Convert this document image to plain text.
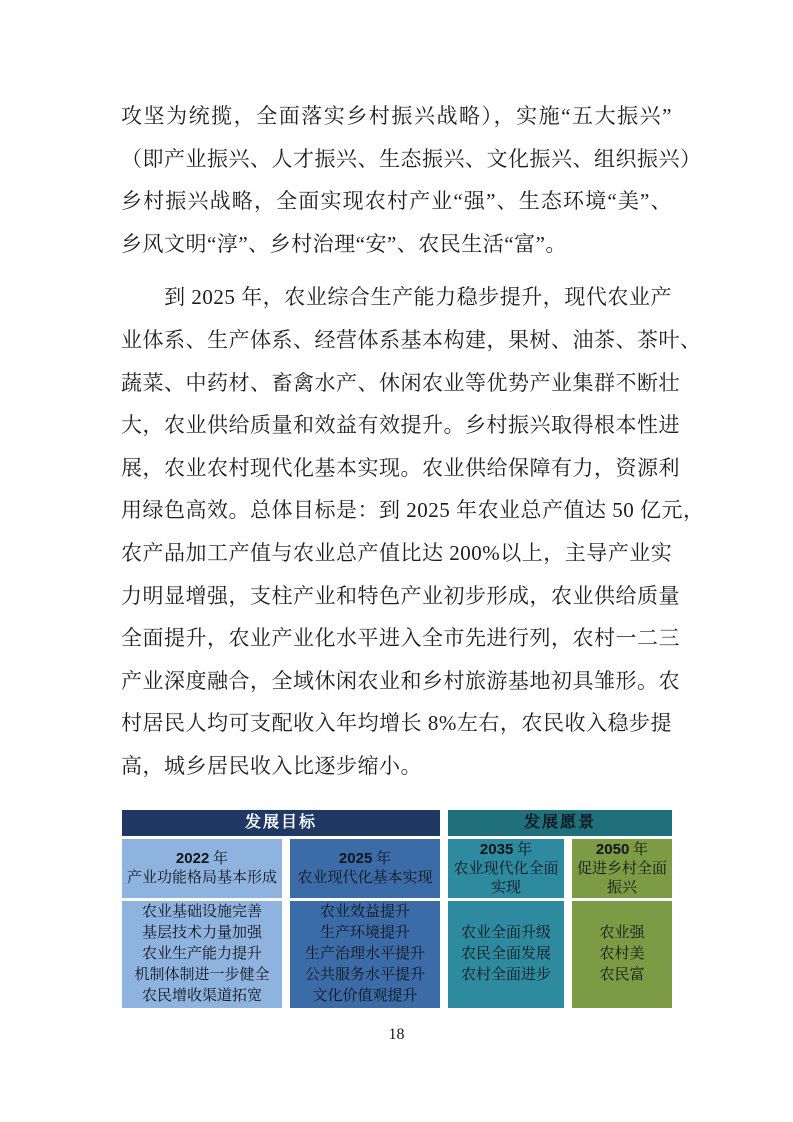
攻坚为统揽，全面落实乡村振兴战略），实施“五大振兴”
（即产业振兴、人才振兴、生态振兴、文化振兴、组织振兴）
乡村振兴战略，全面实现农村产业“强”、生态环境“美”、
乡风文明“淳”、乡村治理“安”、农民生活“富”。

　　到 2025 年，农业综合生产能力稳步提升，现代农业产
业体系、生产体系、经营体系基本构建，果树、油茶、茶叶、
蔬菜、中药材、畜禽水产、休闲农业等优势产业集群不断壮
大，农业供给质量和效益有效提升。乡村振兴取得根本性进
展，农业农村现代化基本实现。农业供给保障有力，资源利
用绿色高效。总体目标是：到 2025 年农业总产值达 50 亿元，
农产品加工产值与农业总产值比达 200%以上，主导产业实
力明显增强，支柱产业和特色产业初步形成，农业供给质量
全面提升，农业产业化水平进入全市先进行列，农村一二三
产业深度融合，全域休闲农业和乡村旅游基地初具雏形。农
村居民人均可支配收入年均增长 8%左右，农民收入稳步提
高，城乡居民收入比逐步缩小。

发展目标	发展愿景
2022 年
产业功能格局基本形成
2025 年
农业现代化基本实现
2035 年
农业现代化全面实现
2050 年
促进乡村全面振兴
农业基础设施完善
基层技术力量加强
农业生产能力提升
机制体制进一步健全
农民增收渠道拓宽
农业效益提升
生产环境提升
生产治理水平提升
公共服务水平提升
文化价值观提升
农业全面升级
农民全面发展
农村全面进步
农业强
农村美
农民富
18
